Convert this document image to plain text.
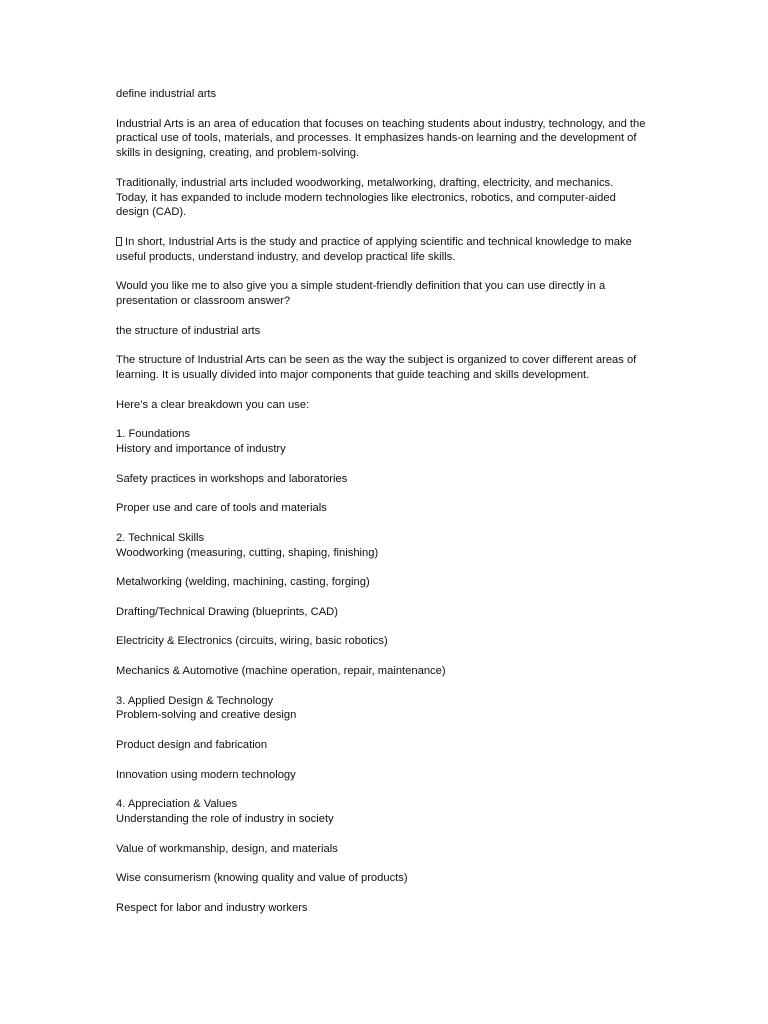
define industrial arts

Industrial Arts is an area of education that focuses on teaching students about industry, technology, and the practical use of tools, materials, and processes. It emphasizes hands-on learning and the development of skills in designing, creating, and problem-solving.

Traditionally, industrial arts included woodworking, metalworking, drafting, electricity, and mechanics. Today, it has expanded to include modern technologies like electronics, robotics, and computer-aided design (CAD).

In short, Industrial Arts is the study and practice of applying scientific and technical knowledge to make useful products, understand industry, and develop practical life skills.

Would you like me to also give you a simple student-friendly definition that you can use directly in a presentation or classroom answer?

the structure of industrial arts

The structure of Industrial Arts can be seen as the way the subject is organized to cover different areas of learning. It is usually divided into major components that guide teaching and skills development.

Here’s a clear breakdown you can use:

1. Foundations
History and importance of industry

Safety practices in workshops and laboratories

Proper use and care of tools and materials

2. Technical Skills
Woodworking (measuring, cutting, shaping, finishing)

Metalworking (welding, machining, casting, forging)

Drafting/Technical Drawing (blueprints, CAD)

Electricity & Electronics (circuits, wiring, basic robotics)

Mechanics & Automotive (machine operation, repair, maintenance)

3. Applied Design & Technology
Problem-solving and creative design

Product design and fabrication

Innovation using modern technology

4. Appreciation & Values
Understanding the role of industry in society

Value of workmanship, design, and materials

Wise consumerism (knowing quality and value of products)

Respect for labor and industry workers
